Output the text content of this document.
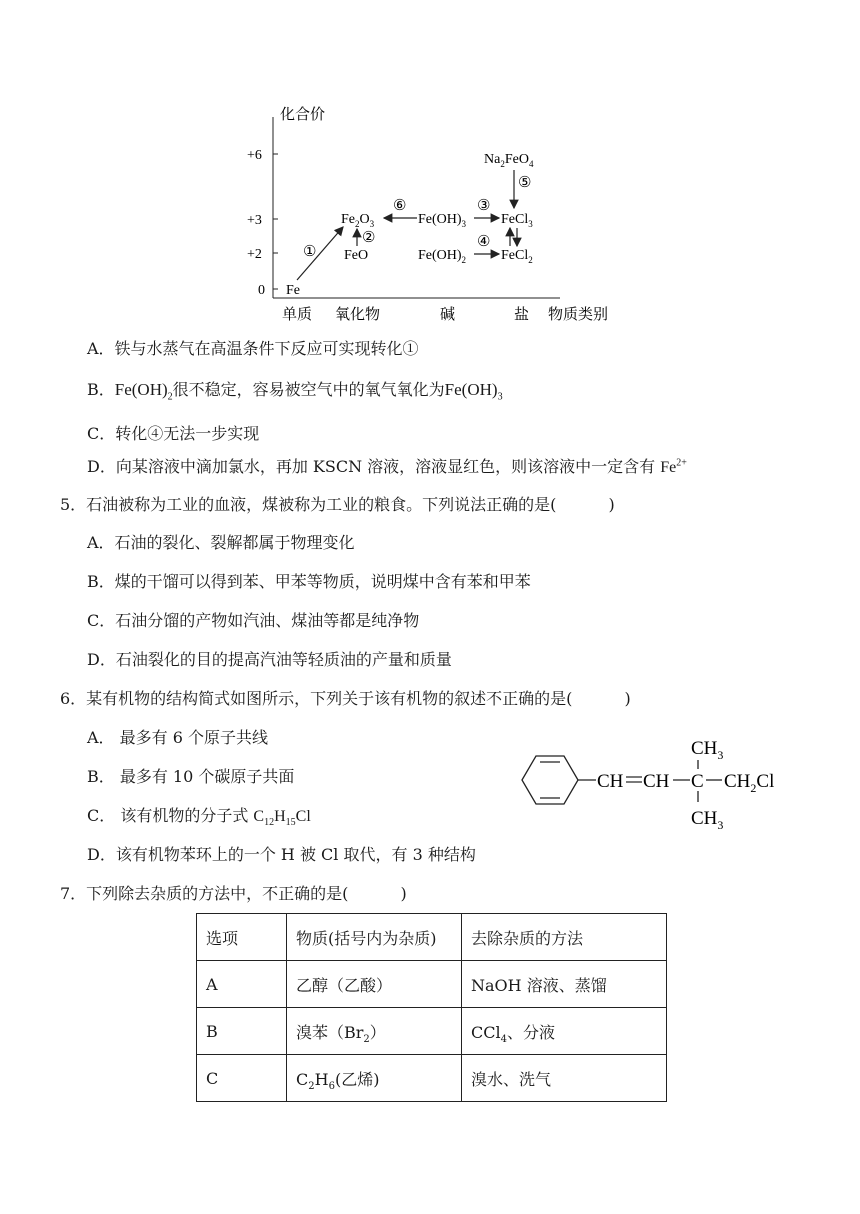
化合价
+6
+3
+2
0
单质 氧化物	碱	盐 物质类别
Fe
$Fe_2O_3$
FeO
$Fe(OH)_3$ FeCl$_3$
$Fe(OH)_2$ FeCl$_2$
$Na_2FeO_4$
①
②
③
④
⑤
⑥
A．铁与水蒸气在高温条件下反应可实现转化①
B．$Fe(OH)_2$很不稳定，容易被空气中的氧气氧化为$Fe(OH)_3$
C．转化④无法一步实现
D．向某溶液中滴加氯水，再加 KSCN 溶液，溶液显红色，则该溶液中一定含有 $Fe^{2+}$
5．石油被称为工业的血液，煤被称为工业的粮食。下列说法正确的是(	)
A．石油的裂化、裂解都属于物理变化
B．煤的干馏可以得到苯、甲苯等物质，说明煤中含有苯和甲苯
C．石油分馏的产物如汽油、煤油等都是纯净物
D．石油裂化的目的提高汽油等轻质油的产量和质量
6．某有机物的结构简式如图所示，下列关于该有机物的叙述不正确的是(	)
A． 最多有 6 个原子共线
B． 最多有 10 个碳原子共面
C． 该有机物的分子式 $C_{12}H_{15}Cl$
D．该有机物苯环上的一个 H 被 Cl 取代，有 3 种结构
CH CH C $CH_2Cl$
$CH_3$
$CH_3$
7．下列除去杂质的方法中，不正确的是(	)
选项	物质(括号内为杂质)	去除杂质的方法
A	乙醇（乙酸）	NaOH 溶液、蒸馏
B	溴苯$(Br_2)$	CCl$_4$、分液
C	$C_2H_6$(乙烯)	溴水、洗气
